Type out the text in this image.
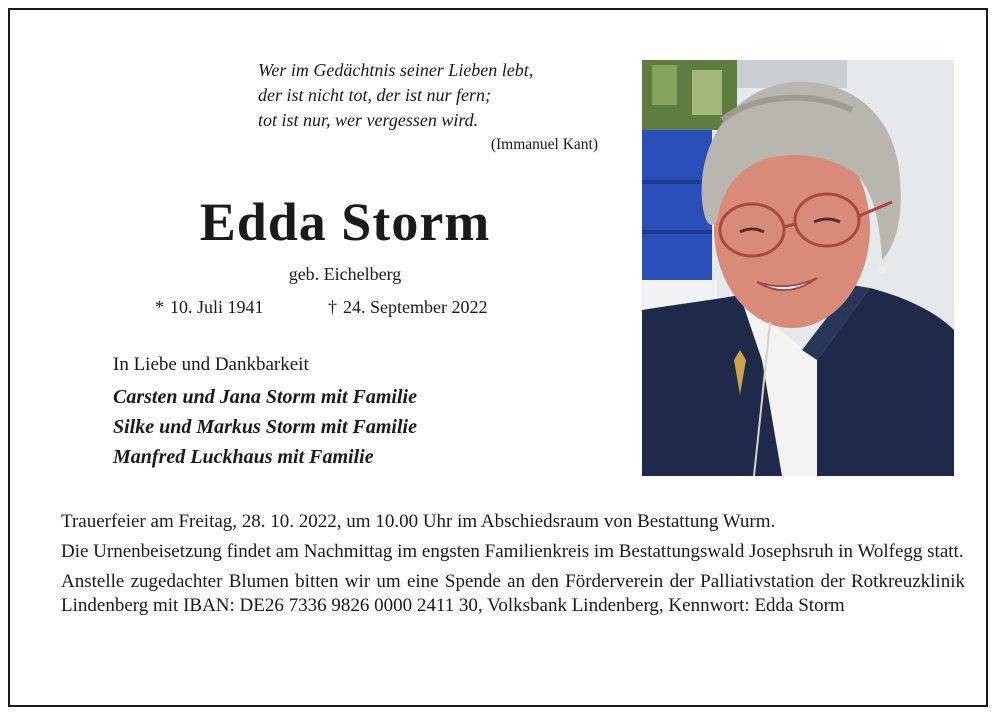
Wer im Gedächtnis seiner Lieben lebt,
der ist nicht tot, der ist nur fern;
tot ist nur, wer vergessen wird.
(Immanuel Kant)
Edda Storm
geb. Eichelberg
* 10. Juli 1941	† 24. September 2022
In Liebe und Dankbarkeit
Carsten und Jana Storm mit Familie
Silke und Markus Storm mit Familie
Manfred Luckhaus mit Familie

Trauerfeier am Freitag, 28. 10. 2022, um 10.00 Uhr im Abschiedsraum von Bestattung Wurm.

Die Urnenbeisetzung findet am Nachmittag im engsten Familienkreis im Bestattungswald Josephsruh in Wolfegg statt.

Anstelle zugedachter Blumen bitten wir um eine Spende an den Förderverein der Palliativstation der Rotkreuzklinik Lindenberg mit IBAN: DE26 7336 9826 0000 2411 30, Volksbank Lindenberg, Kennwort: Edda Storm
